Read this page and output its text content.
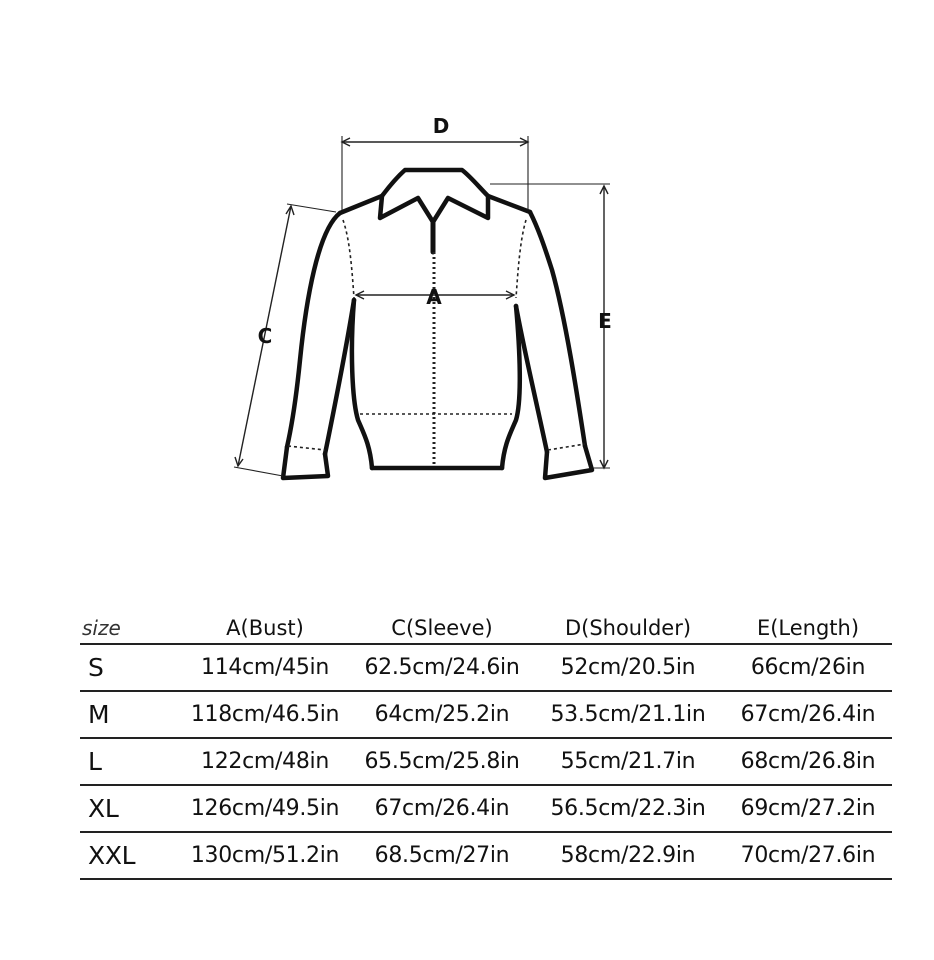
D
E
C
A
size	A(Bust)	C(Sleeve)	D(Shoulder)	E(Length)
S	114cm/45in	62.5cm/24.6in	52cm/20.5in	66cm/26in
M	118cm/46.5in	64cm/25.2in	53.5cm/21.1in	67cm/26.4in
L	122cm/48in	65.5cm/25.8in	55cm/21.7in	68cm/26.8in
XL	126cm/49.5in	67cm/26.4in	56.5cm/22.3in	69cm/27.2in
XXL	130cm/51.2in	68.5cm/27in	58cm/22.9in	70cm/27.6in
